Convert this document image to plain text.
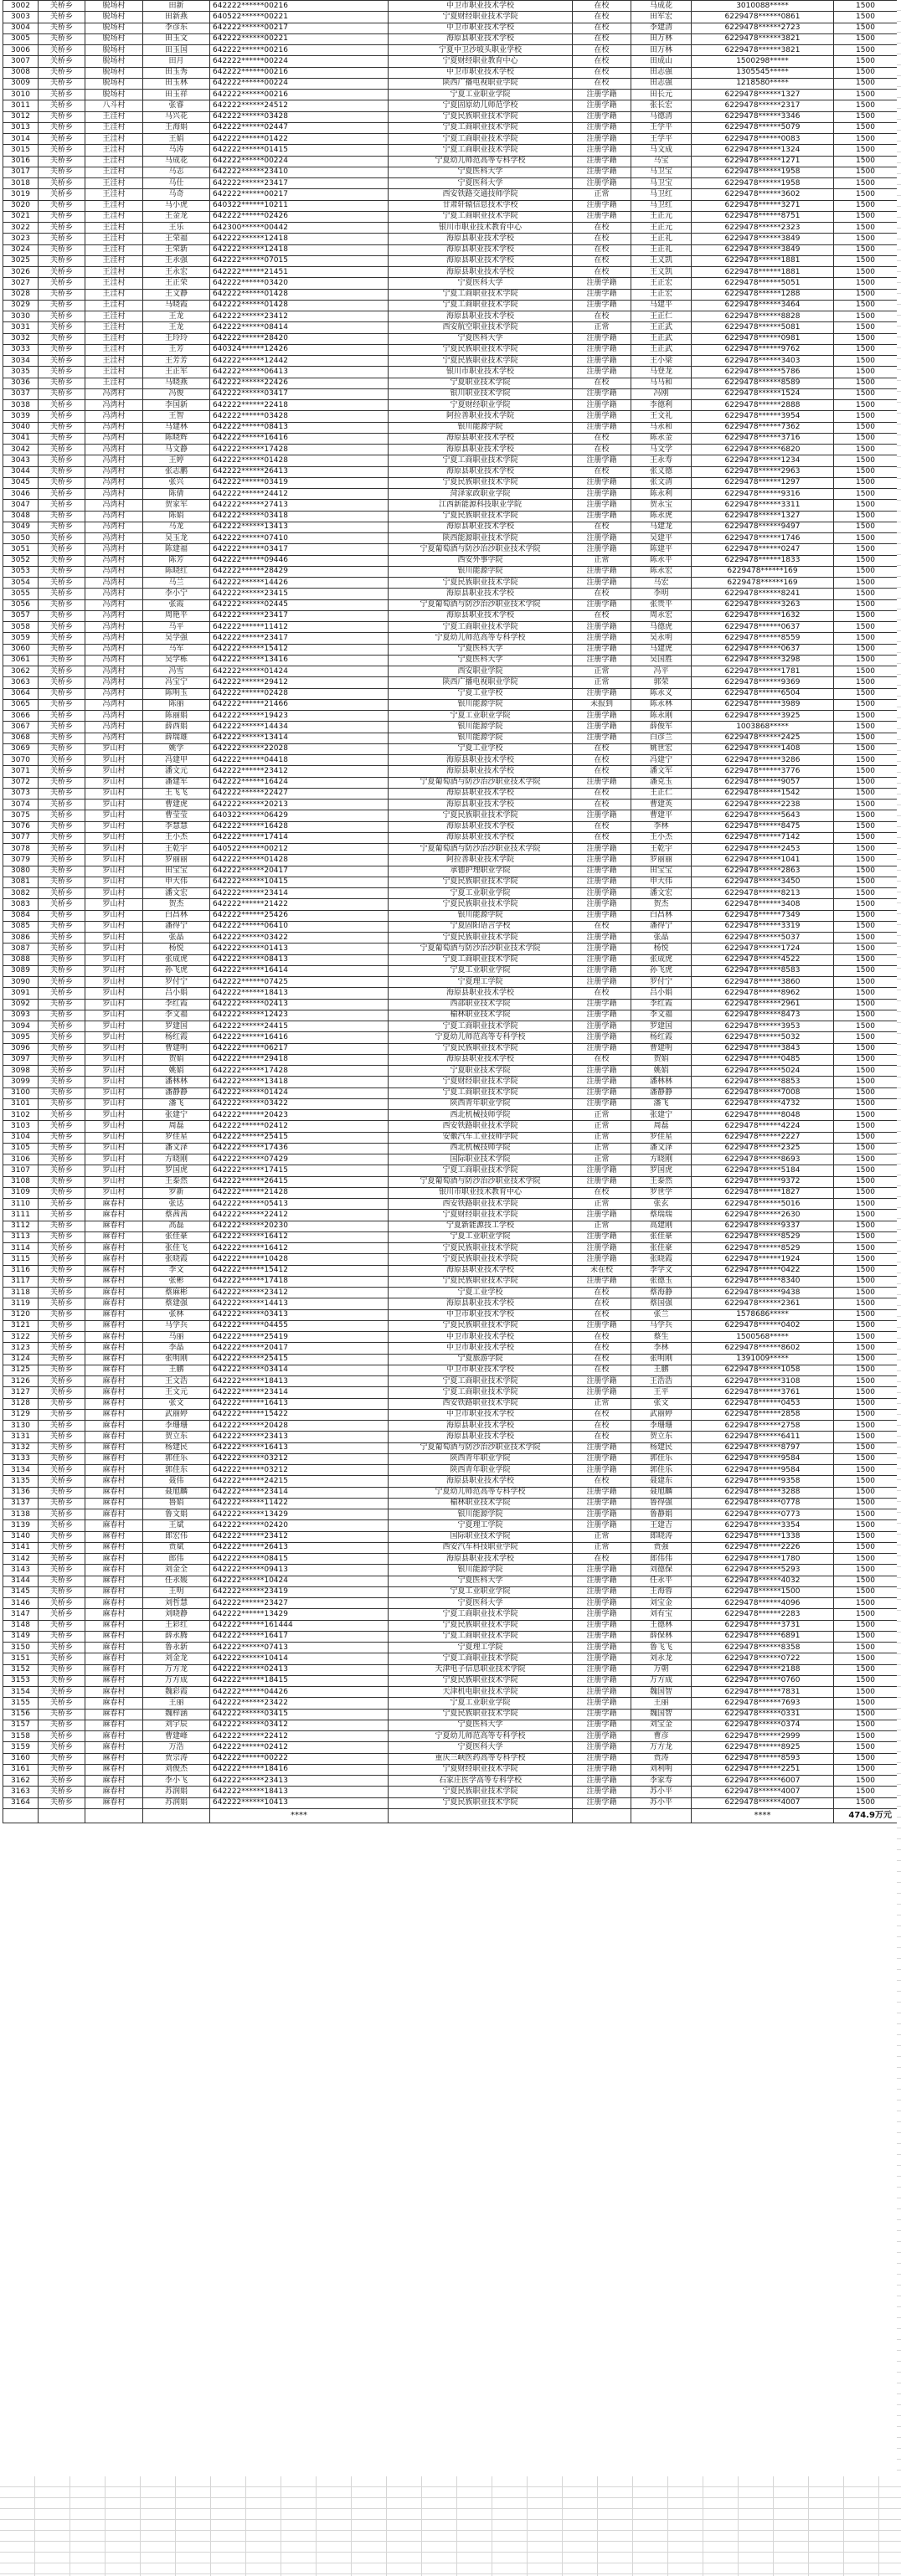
3002	关桥乡	脱场村	田新	642222******00216	中卫市职业技术学校	在校	马成花	3010088*****	1500
3003	关桥乡	脱场村	田新燕	640522******00221	宁夏财经职业技术学院	在校	田军宏	6229478******0861	1500
3004	关桥乡	脱场村	李彦东	642222******00217	中卫市职业技术学校	在校	李建清	6229478******2723	1500
3005	关桥乡	脱场村	田玉文	642222******00221	海原县职业技术学校	在校	田万林	6229478******3821	1500
3006	关桥乡	脱场村	田玉国	642222******00216	宁夏中卫沙坡头职业学校	在校	田万林	6229478******3821	1500
3007	关桥乡	脱场村	田月	642222******00224	宁夏财经职业教育中心	在校	田成山	1500298*****	1500
3008	关桥乡	脱场村	田玉秀	642222******00216	中卫市职业技术学校	在校	田志强	1305545*****	1500
3009	关桥乡	脱场村	田玉林	642222******00224	陕西广播电视职业学院	在校	田志强	1218580*****	1500
3010	关桥乡	脱场村	田玉祥	642222******00216	宁夏工业职业学院	注册学籍	田长元	6229478******1327	1500
3011	关桥乡	八斗村	张睿	642222******24512	宁夏固原幼儿师范学校	注册学籍	张长宏	6229478******2317	1500
3012	关桥乡	王洼村	马兴花	642222******03428	宁夏民族职业技术学院	注册学籍	马德清	6229478******3346	1500
3013	关桥乡	王洼村	王海娟	642222******02447	宁夏工商职业技术学院	注册学籍	王学平	6229478******5079	1500
3014	关桥乡	王洼村	王娟	642222******01422	宁夏工商职业技术学院	注册学籍	王学平	6229478******0083	1500
3015	关桥乡	王洼村	马涛	642222******01415	宁夏工商职业技术学院	注册学籍	马文成	6229478******1324	1500
3016	关桥乡	王洼村	马成花	642222******00224	宁夏幼儿师范高等专科学校	注册学籍	马宝	6229478******1271	1500
3017	关桥乡	王洼村	马志	642222******23410	宁夏医科大学	注册学籍	马卫宝	6229478******1958	1500
3018	关桥乡	王洼村	马仕	642222******23417	宁夏医科大学	注册学籍	马卫宝	6229478******1958	1500
3019	关桥乡	王洼村	马奇	642222******00217	西安铁路交通技师学院	正常	马卫红	6229478******3602	1500
3020	关桥乡	王洼村	马小虎	640322******10211	甘肃轩辕信息技术学校	注册学籍	马卫红	6229478******3271	1500
3021	关桥乡	王洼村	王金龙	642222******02426	宁夏工商职业技术学院	注册学籍	王正元	6229478******8751	1500
3022	关桥乡	王洼村	王乐	642300******00442	银川市职业技术教育中心	在校	王正元	6229478******2323	1500
3023	关桥乡	王洼村	王荣福	642222******12418	海原县职业技术学校	在校	王正礼	6229478******3849	1500
3024	关桥乡	王洼村	王荣新	642222******12418	海原县职业技术学校	在校	王正礼	6229478******3849	1500
3025	关桥乡	王洼村	王永强	642222******07015	海原县职业技术学校	在校	王义凯	6229478******1881	1500
3026	关桥乡	王洼村	王永宏	642222******21451	海原县职业技术学校	在校	王义凯	6229478******1881	1500
3027	关桥乡	王洼村	王正荣	642222******03420	宁夏医科大学	注册学籍	王正宏	6229478******5051	1500
3028	关桥乡	王洼村	王文静	642222******01428	宁夏工商职业技术学院	注册学籍	王正宏	6229478******1288	1500
3029	关桥乡	王洼村	马晓霞	642222******01428	宁夏工商职业技术学院	注册学籍	马建平	6229478******3464	1500
3030	关桥乡	王洼村	王龙	642222******23412	海原县职业技术学校	在校	王正仁	6229478******8828	1500
3031	关桥乡	王洼村	王龙	642222******08414	西安航空职业技术学院	正常	王正武	6229478******5081	1500
3032	关桥乡	王洼村	王玲玲	642222******28420	宁夏医科大学	注册学籍	王正武	6229478******0981	1500
3033	关桥乡	王洼村	王芳	640324******12426	宁夏民族职业技术学院	注册学籍	王正武	6229478******9762	1500
3034	关桥乡	王洼村	王芳芳	642222******12442	宁夏民族职业技术学院	注册学籍	王小梁	6229478******3403	1500
3035	关桥乡	王洼村	王正军	642222******06413	银川市职业技术学校	注册学籍	马登龙	6229478******5786	1500
3036	关桥乡	王洼村	马晓燕	642222******22426	宁夏职业技术学院	在校	马马和	6229478******8589	1500
3037	关桥乡	冯湾村	冯俊	642222******03417	银川职业技术学院	注册学籍	冯刚	6229478******1524	1500
3038	关桥乡	冯湾村	李国新	642222******22418	宁夏财经职业学院	注册学籍	李德利	6229478******2888	1500
3039	关桥乡	冯湾村	王智	642222******03428	阿拉善职业技术学院	注册学籍	王文礼	6229478******3954	1500
3040	关桥乡	冯湾村	马建林	642222******08413	银川能源学院	注册学籍	马永和	6229478******7362	1500
3041	关桥乡	冯湾村	陈晓辉	642222******16416	海原县职业技术学校	在校	陈永金	6229478******3716	1500
3042	关桥乡	冯湾村	马文静	642222******17428	海原县职业技术学校	在校	马文学	6229478******6820	1500
3043	关桥乡	冯湾村	王婷	642222******01428	宁夏工商职业技术学院	注册学籍	王永寿	6229478******1234	1500
3044	关桥乡	冯湾村	张志鹏	642222******26413	海原县职业技术学校	在校	张义德	6229478******2963	1500
3045	关桥乡	冯湾村	张兴	642222******03419	宁夏民族职业技术学院	注册学籍	张文清	6229478******1297	1500
3046	关桥乡	冯湾村	陈倩	642222******24412	菏泽家政职业学院	注册学籍	陈永利	6229478******9316	1500
3047	关桥乡	冯湾村	贺家军	642222******27413	江西新能源科技职业学院	注册学籍	贺永宝	6229478******3311	1500
3048	关桥乡	冯湾村	陈娟	642222******03418	宁夏民族职业技术学院	注册学籍	陈永虎	6229478******1327	1500
3049	关桥乡	冯湾村	马龙	642222******13413	海原县职业技术学校	在校	马建龙	6229478******9497	1500
3050	关桥乡	冯湾村	吴玉龙	642222******07410	陕西能源职业技术学院	注册学籍	吴建平	6229478******1746	1500
3051	关桥乡	冯湾村	陈建福	642222******03417	宁夏葡萄酒与防沙治沙职业技术学院	注册学籍	陈建平	6229478******0247	1500
3052	关桥乡	冯湾村	陈芳	642222******09446	西安外事学院	正常	陈永平	6229478******1833	1500
3053	关桥乡	冯湾村	陈晓红	642222******28429	银川能源学院	注册学籍	陈永宏	6229478******169	1500
3054	关桥乡	冯湾村	马兰	642222******14426	宁夏民族职业技术学院	注册学籍	马宏	6229478******169	1500
3055	关桥乡	冯湾村	李小宁	642222******23415	海原县职业技术学校	在校	李明	6229478******8241	1500
3056	关桥乡	冯湾村	张霞	642222******02445	宁夏葡萄酒与防沙治沙职业技术学院	注册学籍	张贵平	6229478******3263	1500
3057	关桥乡	冯湾村	周艳平	642222******23417	海原县职业技术学校	在校	周永宏	6229478******1632	1500
3058	关桥乡	冯湾村	马平	642222******11412	宁夏工商职业技术学院	注册学籍	马德虎	6229478******0637	1500
3059	关桥乡	冯湾村	吴学强	642222******23417	宁夏幼儿师范高等专科学校	注册学籍	吴永明	6229478******8559	1500
3060	关桥乡	冯湾村	马军	642222******15412	宁夏医科大学	注册学籍	马建虎	6229478******0637	1500
3061	关桥乡	冯湾村	吴学栋	642222******13416	宁夏医科大学	注册学籍	吴国胜	6229478******3298	1500
3062	关桥乡	冯湾村	冯雪	642222******01424	西安职业学院	正常	冯平	6229478******1781	1500
3063	关桥乡	冯湾村	冯宝宁	642222******29412	陕西广播电视职业学院	正常	郭荣	6229478******9369	1500
3064	关桥乡	冯湾村	陈明玉	642222******02428	宁夏工业学校	注册学籍	陈永义	6229478******6504	1500
3065	关桥乡	冯湾村	陈丽	642222******21466	银川能源学院	未报到	陈永林	6229478******3989	1500
3066	关桥乡	冯湾村	陈丽娟	642222******19423	宁夏工业职业学院	注册学籍	陈永刚	6229478******3925	1500
3067	关桥乡	冯湾村	薛西娟	642222******14434	银川能源学院	注册学籍	薛俊军	1003868*****	1500
3068	关桥乡	冯湾村	薛瑞雄	642222******13414	银川能源学院	注册学籍	白彦兰	6229478******2425	1500
3069	关桥乡	罗山村	姚学	642222******22028	宁夏工业学校	在校	姚世宏	6229478******1408	1500
3070	关桥乡	罗山村	冯建甲	642222******04418	海原县职业技术学校	在校	冯建宁	6229478******3286	1500
3071	关桥乡	罗山村	潘文元	642222******23412	海原县职业技术学校	在校	潘文军	6229478******3776	1500
3072	关桥乡	罗山村	潘建军	642222******16424	宁夏葡萄酒与防沙治沙职业技术学院	注册学籍	潘克玉	6229478******9057	1500
3073	关桥乡	罗山村	王飞飞	642222******22427	海原县职业技术学校	在校	王正仁	6229478******1542	1500
3074	关桥乡	罗山村	曹建虎	642222******20213	海原县职业技术学校	在校	曹建英	6229478******2238	1500
3075	关桥乡	罗山村	曹莹莹	640322******06429	宁夏民族职业技术学院	注册学籍	曹建平	6229478******5643	1500
3076	关桥乡	罗山村	李慧慧	642222******16428	海原县职业技术学校	在校	李林	6229478******8475	1500
3077	关桥乡	罗山村	王小杰	642222******17414	海原县职业技术学校	在校	王小杰	6229478******7142	1500
3078	关桥乡	罗山村	王乾宇	640522******00212	宁夏葡萄酒与防沙治沙职业技术学院	注册学籍	王乾宇	6229478******2453	1500
3079	关桥乡	罗山村	罗丽丽	642222******01428	阿拉善职业技术学院	注册学籍	罗丽丽	6229478******1041	1500
3080	关桥乡	罗山村	田宝宝	642222******20417	承德护理职业学院	注册学籍	田宝宝	6229478******2863	1500
3081	关桥乡	罗山村	申大伟	642222******10415	宁夏民族职业技术学院	注册学籍	申大伟	6229478******3450	1500
3082	关桥乡	罗山村	潘文宏	642222******23414	宁夏工业职业学院	注册学籍	潘文宏	6229478******8213	1500
3083	关桥乡	罗山村	贺杰	642222******21422	宁夏民族职业技术学院	注册学籍	贺杰	6229478******3408	1500
3084	关桥乡	罗山村	白昌林	642222******25426	银川能源学院	注册学籍	白昌林	6229478******7349	1500
3085	关桥乡	罗山村	潘得宁	642222******06410	宁夏固阳语言学校	在校	潘得宁	6229478******3319	1500
3086	关桥乡	罗山村	张晶	642222******03422	宁夏民族职业技术学院	注册学籍	张晶	6229478******5037	1500
3087	关桥乡	罗山村	杨悦	642222******01413	宁夏葡萄酒与防沙治沙职业技术学院	注册学籍	杨悦	6229478******1724	1500
3088	关桥乡	罗山村	张成虎	642222******08413	宁夏工商职业技术学院	注册学籍	张成虎	6229478******4522	1500
3089	关桥乡	罗山村	孙飞虎	642222******16414	宁夏工业职业学院	注册学籍	孙飞虎	6229478******8583	1500
3090	关桥乡	罗山村	罗付宁	642222******07425	宁夏理工学院	注册学籍	罗付宁	6229478******3860	1500
3091	关桥乡	罗山村	吕小娟	642222******18413	海原县职业技术学校	在校	吕小娟	6229478******8962	1500
3092	关桥乡	罗山村	李红霞	642222******02413	西部职业技术学院	注册学籍	李红霞	6229478******2961	1500
3093	关桥乡	罗山村	李文福	642222******12423	榆林职业技术学院	注册学籍	李文福	6229478******8473	1500
3094	关桥乡	罗山村	罗建国	642222******24415	宁夏工商职业技术学院	注册学籍	罗建国	6229478******3953	1500
3095	关桥乡	罗山村	杨红霞	642222******16416	宁夏幼儿师范高等专科学校	注册学籍	杨红霞	6229478******5032	1500
3096	关桥乡	罗山村	曹建明	642222******06217	宁夏民族职业技术学院	注册学籍	曹建明	6229478******3843	1500
3097	关桥乡	罗山村	贺娟	642222******29418	海原县职业技术学校	在校	贺娟	6229478******0485	1500
3098	关桥乡	罗山村	姚娟	642222******17428	宁夏职业技术学院	注册学籍	姚娟	6229478******5024	1500
3099	关桥乡	罗山村	潘林林	642222******13418	宁夏财经职业技术学院	注册学籍	潘林林	6229478******8853	1500
3100	关桥乡	罗山村	潘静静	642222******01424	宁夏工商职业技术学院	注册学籍	潘静静	6229478******7008	1500
3101	关桥乡	罗山村	潘飞	642222******03422	陕西青年职业学院	注册学籍	潘飞	6229478******4732	1500
3102	关桥乡	罗山村	张建宁	642222******20423	西北机械技师学院	正常	张建宁	6229478******8048	1500
3103	关桥乡	罗山村	周磊	642222******02412	西安铁路职业技术学院	正常	周磊	6229478******4224	1500
3104	关桥乡	罗山村	罗佳星	642222******25415	安徽汽车工业技师学院	正常	罗佳星	6229478******2227	1500
3105	关桥乡	罗山村	潘文泽	642222******17436	西北机械技师学院	正常	潘文泽	6229478******2325	1500
3106	关桥乡	罗山村	方晓刚	642222******07429	国际职业技术学院	正常	方晓刚	6229478******8693	1500
3107	关桥乡	罗山村	罗国虎	642222******17415	宁夏工商职业技术学院	注册学籍	罗国虎	6229478******5184	1500
3108	关桥乡	罗山村	王泰然	642222******26415	宁夏葡萄酒与防沙治沙职业技术学院	注册学籍	王泰然	6229478******9372	1500
3109	关桥乡	罗山村	罗新	642222******21428	银川市职业技术教育中心	在校	罗世学	6229478******1827	1500
3110	关桥乡	麻春村	张达	642222******05413	西安铁路职业技术学院	正常	张玄	6229478******5016	1500
3111	关桥乡	麻春村	蔡茜茜	642222******22412	宁夏财经职业技术学院	注册学籍	蔡瑞瑞	6229478******2630	1500
3112	关桥乡	麻春村	高磊	642222******20230	宁夏新能源技工学校	正常	高建刚	6229478******9337	1500
3113	关桥乡	麻春村	张佳豪	642222******16412	宁夏工业职业学院	注册学籍	张佳豪	6229478******8529	1500
3114	关桥乡	麻春村	张佳飞	642222******16412	宁夏民族职业技术学院	注册学籍	张佳豪	6229478******8529	1500
3115	关桥乡	麻春村	张晓霞	642222******10428	宁夏民族职业技术学院	注册学籍	张晓霞	6229478******1924	1500
3116	关桥乡	麻春村	李文	642222******15412	海原县职业技术学校	未在校	李学文	6229478******0422	1500
3117	关桥乡	麻春村	张彬	642222******17418	宁夏民族职业技术学院	注册学籍	张德玉	6229478******8340	1500
3118	关桥乡	麻春村	蔡麻彬	642222******23412	宁夏工业学校	在校	蔡海静	6229478******9438	1500
3119	关桥乡	麻春村	蔡建强	642222******14413	海原县职业技术学校	在校	蔡国强	6229478******2361	1500
3120	关桥乡	麻春村	张林	642222******03413	中卫市职业技术学校	在校	张兰	1578686*****	1500
3121	关桥乡	麻春村	马学兵	642222******04455	宁夏民族职业技术学院	注册学籍	马学兵	6229478******0402	1500
3122	关桥乡	麻春村	马丽	642222******25419	中卫市职业技术学校	在校	蔡生	1500568*****	1500
3123	关桥乡	麻春村	李晶	642222******20417	中卫市职业技术学校	在校	李林	6229478******8602	1500
3124	关桥乡	麻春村	张明刚	642222******25415	宁夏旅游学院	在校	张明刚	1391009*****	1500
3125	关桥乡	麻春村	王鹏	642222******03414	中卫市职业技术学校	在校	王鹏	6229478******1058	1500
3126	关桥乡	麻春村	王文浩	642222******18413	宁夏工商职业技术学院	注册学籍	王浩浩	6229478******3108	1500
3127	关桥乡	麻春村	王文元	642222******23414	宁夏工商职业技术学院	注册学籍	王平	6229478******3761	1500
3128	关桥乡	麻春村	张文	642222******16413	西安铁路职业技术学院	正常	张文	6229478******0453	1500
3129	关桥乡	麻春村	武丽婷	642222******15422	中卫市职业技术学校	在校	武丽婷	6229478******2858	1500
3130	关桥乡	麻春村	李珊珊	642222******20428	海原县职业技术学校	在校	李珊珊	6229478******2758	1500
3131	关桥乡	麻春村	贺立东	642222******23413	海原县职业技术学校	在校	贺立东	6229478******6411	1500
3132	关桥乡	麻春村	杨建民	642222******16413	宁夏葡萄酒与防沙治沙职业技术学院	注册学籍	杨建民	6229478******8797	1500
3133	关桥乡	麻春村	郭佳乐	642222******03212	陕西青年职业学院	注册学籍	郭佳乐	6229478******9584	1500
3134	关桥乡	麻春村	郭佳东	642222******03212	陕西青年职业学院	注册学籍	郭佳乐	6229478******9584	1500
3135	关桥乡	麻春村	聂伟	642222******24215	海原县职业技术学校	在校	聂建东	6229478******9358	1500
3136	关桥乡	麻春村	聂旭麟	642222******23414	宁夏幼儿师范高等专科学校	注册学籍	聂旭麟	6229478******3288	1500
3137	关桥乡	麻春村	鲁娟	642222******11422	榆林职业技术学院	注册学籍	鲁得强	6229478******0778	1500
3138	关桥乡	麻春村	鲁文娟	642222******13429	银川能源学院	注册学籍	鲁静娟	6229478******0773	1500
3139	关桥乡	麻春村	王斌	642222******02420	宁夏理工学院	注册学籍	王建吉	6229478******3354	1500
3140	关桥乡	麻春村	郎宏伟	642222******23412	国际职业技术学院	正常	郎晓涛	6229478******1338	1500
3141	关桥乡	麻春村	贾斌	642222******26413	西安汽车科技职业学院	正常	贾强	6229478******2226	1500
3142	关桥乡	麻春村	郎伟	642222******08415	海原县职业技术学校	在校	郎伟伟	6229478******1780	1500
3143	关桥乡	麻春村	刘金全	642222******09413	银川能源学院	注册学籍	刘德保	6229478******5293	1500
3144	关桥乡	麻春村	任永媛	642222******10424	宁夏医科大学	注册学籍	任永平	6229478******4032	1500
3145	关桥乡	麻春村	王明	642222******23419	宁夏工业职业学院	注册学籍	王海蓉	6229478******1500	1500
3146	关桥乡	麻春村	刘哲慧	642222******23427	宁夏医科大学	注册学籍	刘宝金	6229478******4096	1500
3147	关桥乡	麻春村	刘晓静	642222******13429	宁夏工商职业技术学院	注册学籍	刘有宝	6229478******2283	1500
3148	关桥乡	麻春村	王彩红	642222******161444	宁夏民族职业技术学院	注册学籍	王德林	6229478******3731	1500
3149	关桥乡	麻春村	薛永腾	642222******16417	宁夏工商职业技术学院	注册学籍	薛保林	6229478******6891	1500
3150	关桥乡	麻春村	鲁永新	642222******07413	宁夏理工学院	注册学籍	鲁飞飞	6229478******8358	1500
3151	关桥乡	麻春村	刘金龙	642222******10414	宁夏工商职业技术学院	注册学籍	刘永龙	6229478******0722	1500
3152	关桥乡	麻春村	万方龙	642222******02413	天津电子信息职业技术学院	注册学籍	万朝	6229478******2188	1500
3153	关桥乡	麻春村	万方成	642222******18415	宁夏民族职业技术学院	注册学籍	万方成	6229478******0760	1500
3154	关桥乡	麻春村	魏彩霞	642222******04426	天津机电职业技术学院	注册学籍	魏国智	6229478******7831	1500
3155	关桥乡	麻春村	王丽	642222******23422	宁夏工业职业学院	注册学籍	王丽	6229478******7693	1500
3156	关桥乡	麻春村	魏梓涵	642222******03415	宁夏民族职业技术学院	注册学籍	魏国智	6229478******0331	1500
3157	关桥乡	麻春村	刘宇辰	642222******03412	宁夏医科大学	注册学籍	刘宝金	6229478******0374	1500
3158	关桥乡	麻春村	曹建峰	642222******22412	宁夏幼儿师范高等专科学校	注册学籍	曹彦	6229478******2999	1500
3159	关桥乡	麻春村	万浩	642222******02412	宁夏医科大学	注册学籍	万方龙	6229478******8925	1500
3160	关桥乡	麻春村	贾宗涛	642222******00222	重庆三峡医药高等专科学校	注册学籍	贾涛	6229478******8593	1500
3161	关桥乡	麻春村	刘俊杰	642222******18416	宁夏财经职业技术学院	注册学籍	刘利明	6229478******2251	1500
3162	关桥乡	麻春村	李小飞	642222******23413	石家庄医学高等专科学校	注册学籍	李家寿	6229478******6007	1500
3163	关桥乡	麻春村	苏润娟	642222******18413	宁夏民族职业技术学院	注册学籍	苏小平	6229478******4007	1500
3164	关桥乡	麻春村	苏润娟	642222******10413	宁夏民族职业技术学院	注册学籍	苏小平	6229478******4007	1500
				****				****	474.9万元
